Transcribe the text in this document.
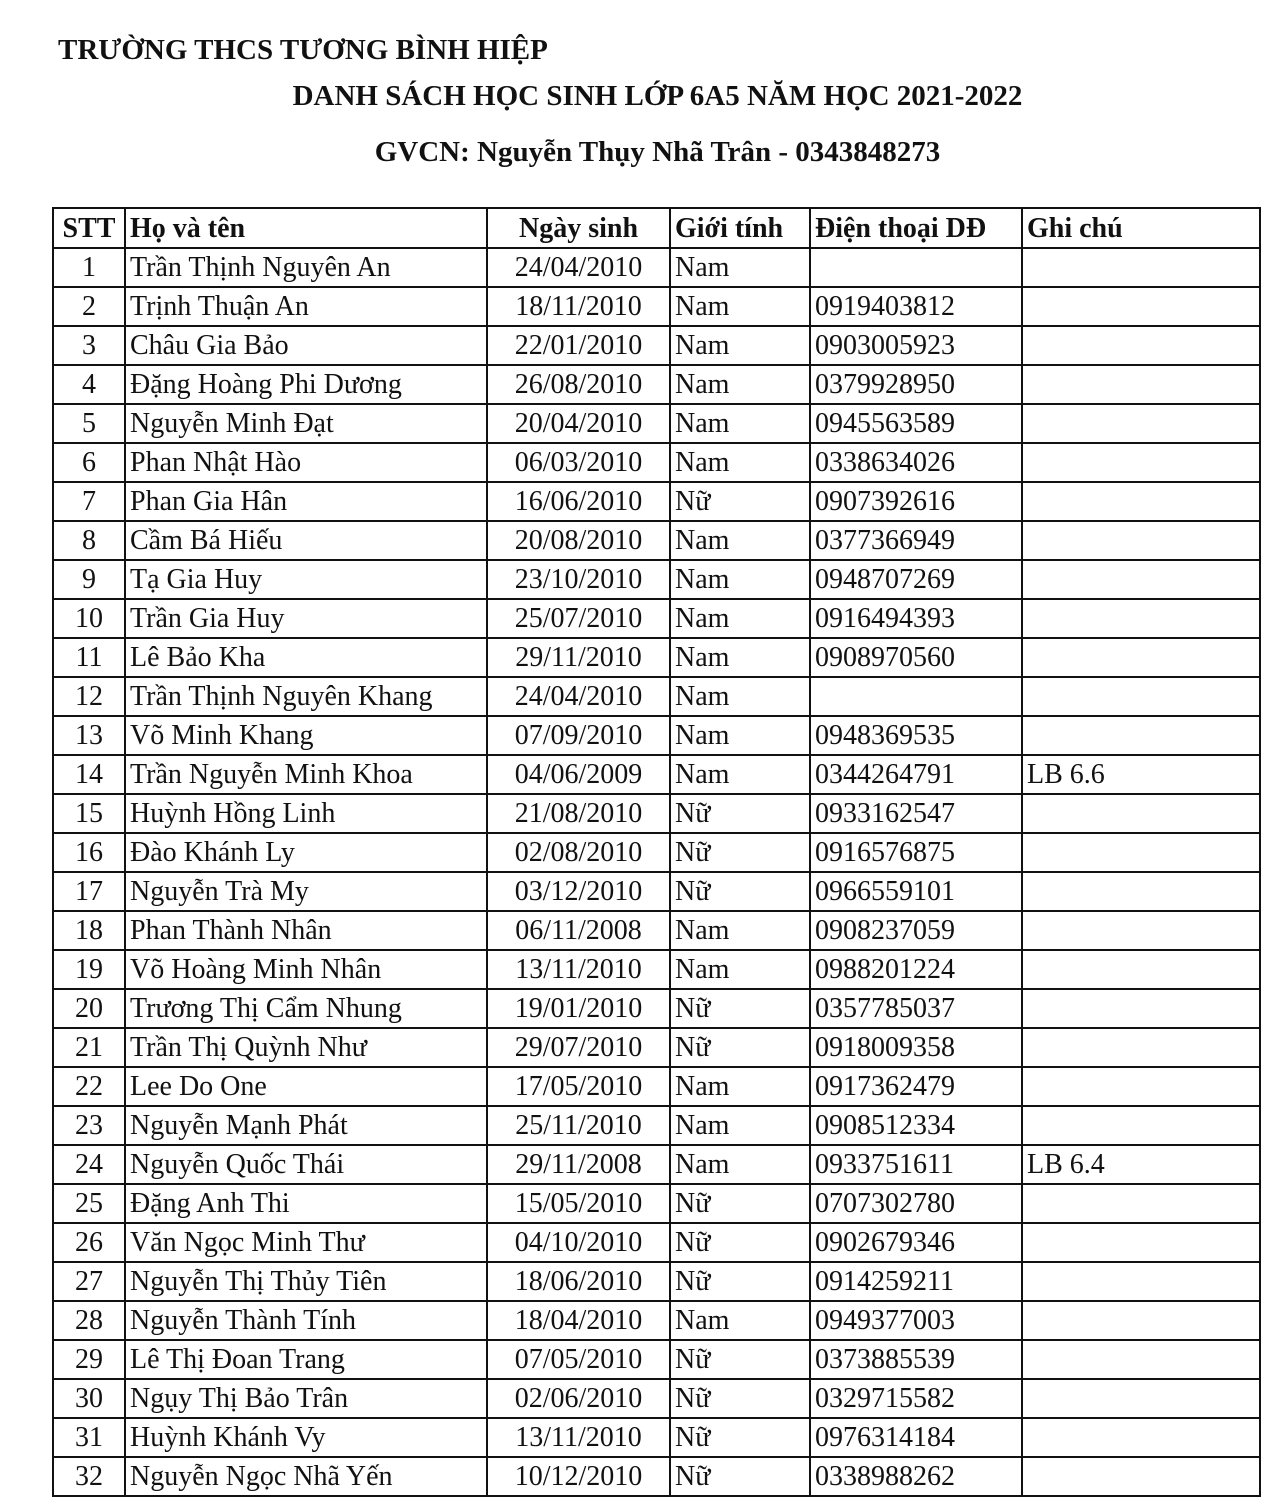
TRƯỜNG THCS TƯƠNG BÌNH HIỆP
DANH SÁCH HỌC SINH LỚP 6A5 NĂM HỌC 2021-2022
GVCN: Nguyễn Thụy Nhã Trân - 0343848273
STT	Họ và tên	Ngày sinh	Giới tính	Điện thoại DĐ	Ghi chú
1	Trần Thịnh Nguyên An	24/04/2010	Nam		
2	Trịnh Thuận An	18/11/2010	Nam	0919403812	
3	Châu Gia Bảo	22/01/2010	Nam	0903005923	
4	Đặng Hoàng Phi Dương	26/08/2010	Nam	0379928950	
5	Nguyễn Minh Đạt	20/04/2010	Nam	0945563589	
6	Phan Nhật Hào	06/03/2010	Nam	0338634026	
7	Phan Gia Hân	16/06/2010	Nữ	0907392616	
8	Cầm Bá Hiếu	20/08/2010	Nam	0377366949	
9	Tạ Gia Huy	23/10/2010	Nam	0948707269	
10	Trần Gia Huy	25/07/2010	Nam	0916494393	
11	Lê Bảo Kha	29/11/2010	Nam	0908970560	
12	Trần Thịnh Nguyên Khang	24/04/2010	Nam		
13	Võ Minh Khang	07/09/2010	Nam	0948369535	
14	Trần Nguyễn Minh Khoa	04/06/2009	Nam	0344264791	LB 6.6
15	Huỳnh Hồng Linh	21/08/2010	Nữ	0933162547	
16	Đào Khánh Ly	02/08/2010	Nữ	0916576875	
17	Nguyễn Trà My	03/12/2010	Nữ	0966559101	
18	Phan Thành Nhân	06/11/2008	Nam	0908237059	
19	Võ Hoàng Minh Nhân	13/11/2010	Nam	0988201224	
20	Trương Thị Cẩm Nhung	19/01/2010	Nữ	0357785037	
21	Trần Thị Quỳnh Như	29/07/2010	Nữ	0918009358	
22	Lee Do One	17/05/2010	Nam	0917362479	
23	Nguyễn Mạnh Phát	25/11/2010	Nam	0908512334	
24	Nguyễn Quốc Thái	29/11/2008	Nam	0933751611	LB 6.4
25	Đặng Anh Thi	15/05/2010	Nữ	0707302780	
26	Văn Ngọc Minh Thư	04/10/2010	Nữ	0902679346	
27	Nguyễn Thị Thủy Tiên	18/06/2010	Nữ	0914259211	
28	Nguyễn Thành Tính	18/04/2010	Nam	0949377003	
29	Lê Thị Đoan Trang	07/05/2010	Nữ	0373885539	
30	Ngụy Thị Bảo Trân	02/06/2010	Nữ	0329715582	
31	Huỳnh Khánh Vy	13/11/2010	Nữ	0976314184	
32	Nguyễn Ngọc Nhã Yến	10/12/2010	Nữ	0338988262	
